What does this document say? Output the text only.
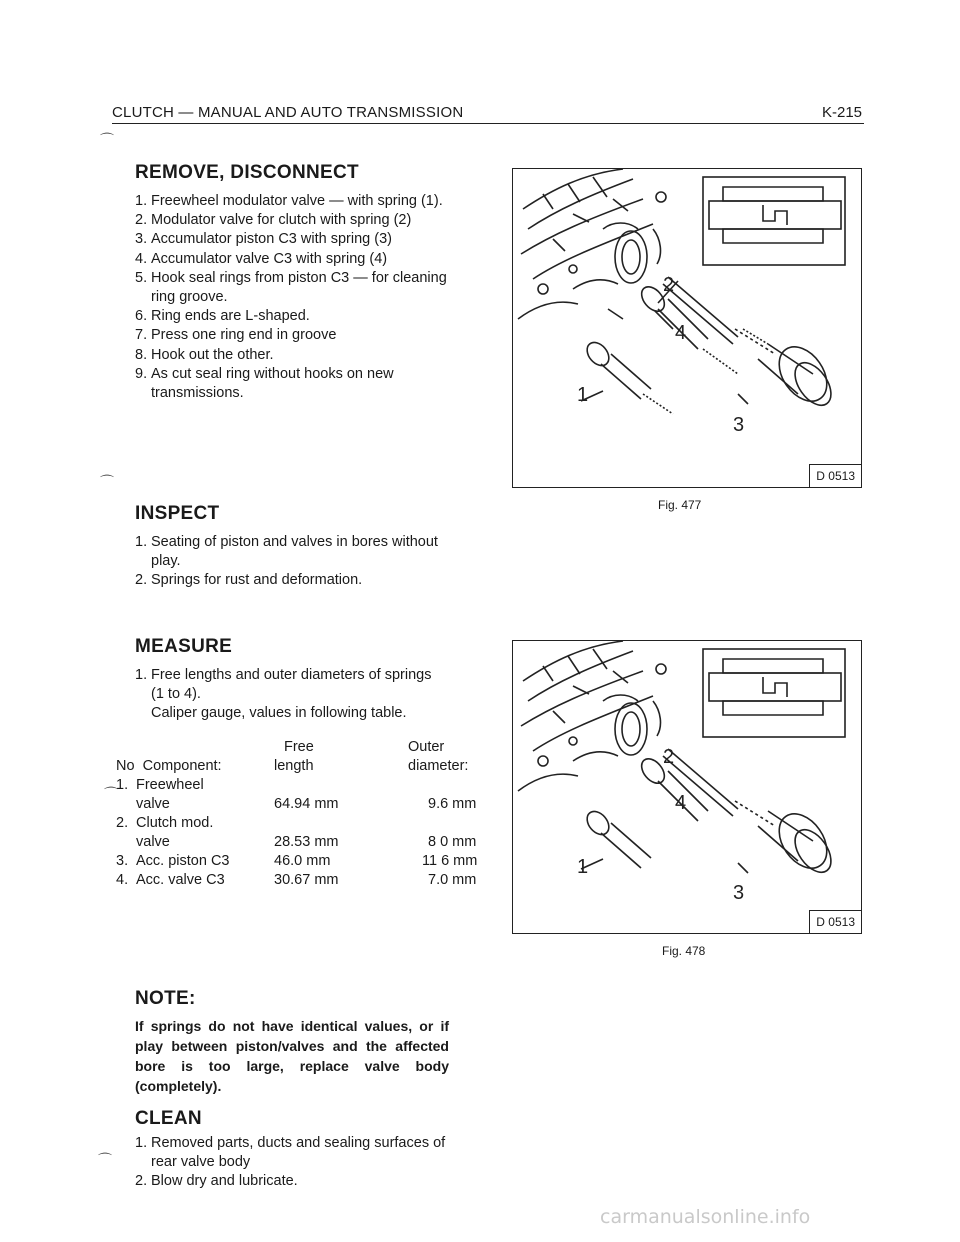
CLUTCH — MANUAL AND AUTO TRANSMISSION	K-215
⌒
⌒
⌒
⌒
REMOVE, DISCONNECT
1. Freewheel modulator valve — with spring (1).
2. Modulator valve for clutch with spring (2)
3. Accumulator piston C3 with spring (3)
4. Accumulator valve C3 with spring (4)
5. Hook seal rings from piston C3 — for cleaning ring groove.
6. Ring ends are L-shaped.
7. Press one ring end in groove
8. Hook out the other.
9. As cut seal ring without hooks on new transmissions.
INSPECT
1. Seating of piston and valves in bores without play.
2. Springs for rust and deformation.
MEASURE
1. Free lengths and outer diameters of springs (1 to 4).
Caliper gauge, values in following table.
	Free	Outer
No  Component:	length	diameter:
1. Freewheel		
valve	64.94 mm	9.6 mm
2. Clutch mod.		
valve	28.53 mm	8 0 mm
3. Acc. piston C3	46.0 mm	11 6 mm
4. Acc. valve C3	30.67 mm	7.0 mm
NOTE:
If springs do not have identical values, or if play between piston/valves and the affected bore is too large, replace valve body (completely).
CLEAN
1. Removed parts, ducts and sealing surfaces of rear valve body
2. Blow dry and lubricate.
2
4
1
3
D 0513
Fig. 477
2
4
1
3
D 0513
Fig. 478
carmanualsonline.info
